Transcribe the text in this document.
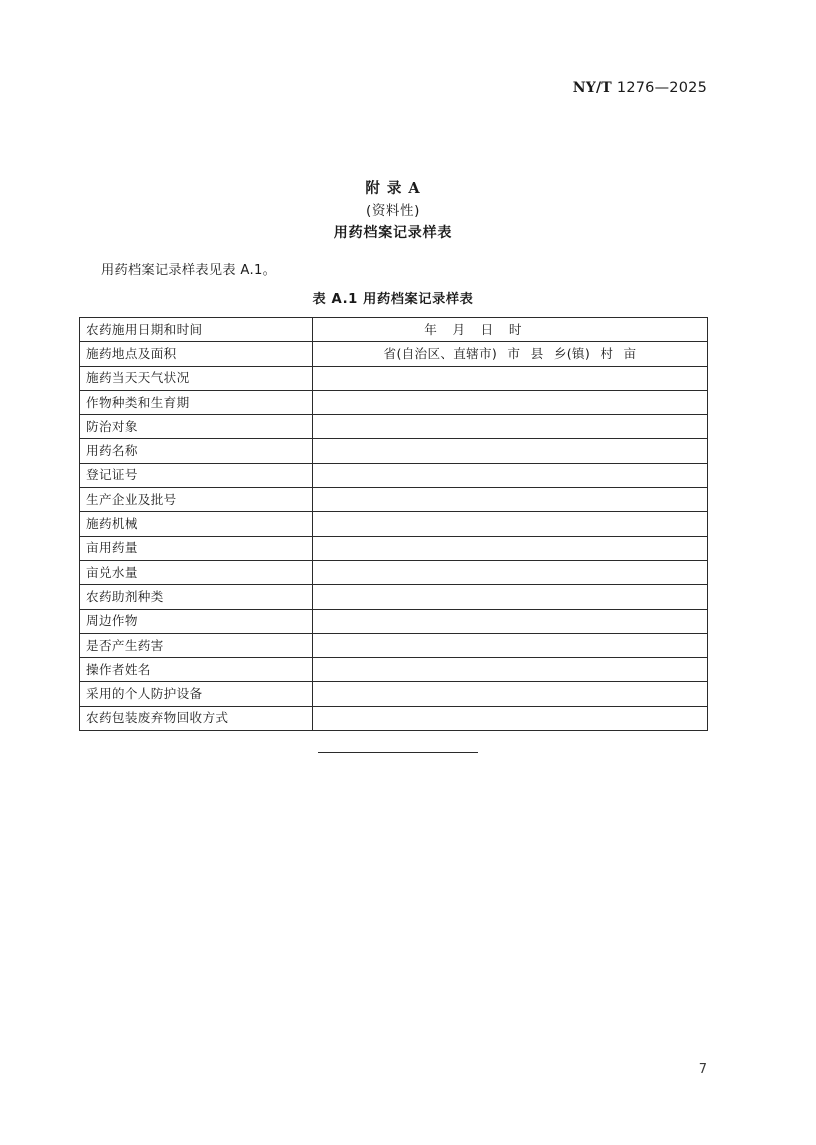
NY/T 1276—2025
附 录 A
(资料性)
用药档案记录样表
用药档案记录样表见表 A.1。
表 A.1 用药档案记录样表
农药施用日期和时间	年 月 日 时
施药地点及面积	省(自治区、直辖市) 市 县 乡(镇) 村 亩
施药当天天气状况	
作物种类和生育期	
防治对象	
用药名称	
登记证号	
生产企业及批号	
施药机械	
亩用药量	
亩兑水量	
农药助剂种类	
周边作物	
是否产生药害	
操作者姓名	
采用的个人防护设备	
农药包装废弃物回收方式	
7
